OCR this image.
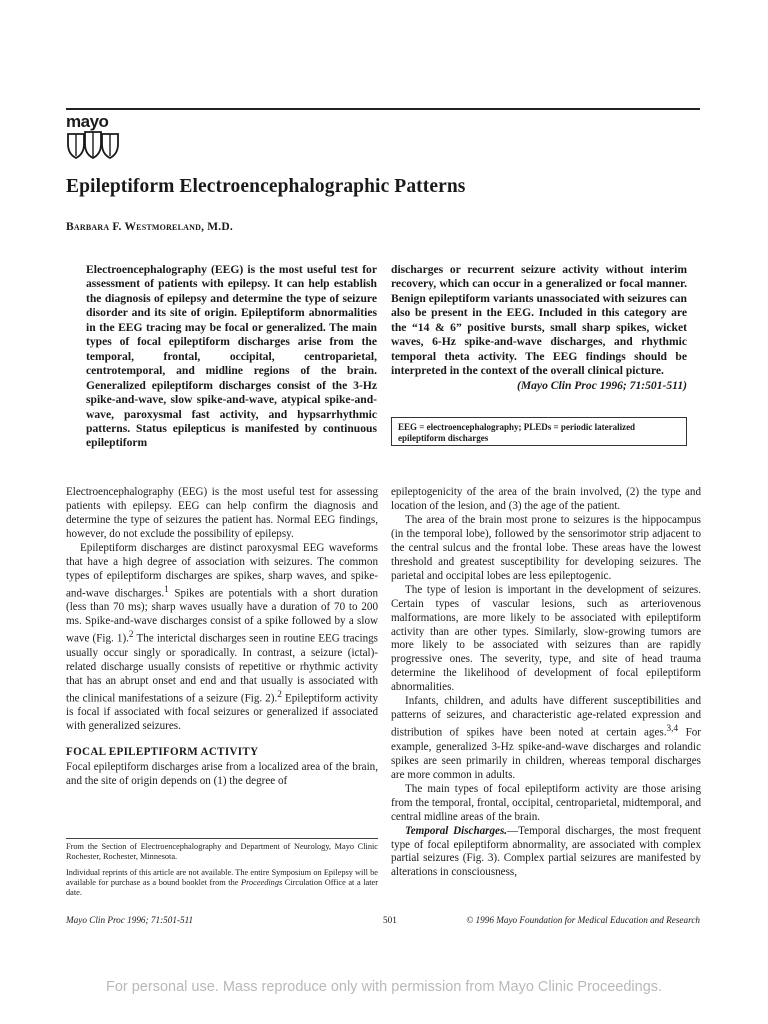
mayo
Epileptiform Electroencephalographic Patterns
Barbara F. Westmoreland, M.D.

Electroencephalography (EEG) is the most useful test for assessment of patients with epilepsy. It can help establish the diagnosis of epilepsy and determine the type of seizure disorder and its site of origin. Epileptiform abnormalities in the EEG tracing may be focal or generalized. The main types of focal epileptiform discharges arise from the temporal, frontal, occipital, centroparietal, centrotemporal, and midline regions of the brain. Generalized epileptiform discharges consist of the 3-Hz spike-and-wave, slow spike-and-wave, atypical spike-and-wave, paroxysmal fast activity, and hypsarrhythmic patterns. Status epilepticus is manifested by continuous epileptiform

discharges or recurrent seizure activity without interim recovery, which can occur in a generalized or focal manner. Benign epileptiform variants unassociated with seizures can also be present in the EEG. Included in this category are the “14 & 6” positive bursts, small sharp spikes, wicket waves, 6-Hz spike-and-wave discharges, and rhythmic temporal theta activity. The EEG findings should be interpreted in the context of the overall clinical picture.
(Mayo Clin Proc 1996; 71:501-511)
EEG = electroencephalography; PLEDs = periodic lateralized epileptiform discharges

Electroencephalography (EEG) is the most useful test for assessing patients with epilepsy. EEG can help confirm the diagnosis and determine the type of seizures the patient has. Normal EEG findings, however, do not exclude the possibility of epilepsy.

Epileptiform discharges are distinct paroxysmal EEG waveforms that have a high degree of association with seizures. The common types of epileptiform discharges are spikes, sharp waves, and spike-and-wave discharges.$^1$ Spikes are potentials with a short duration (less than 70 ms); sharp waves usually have a duration of 70 to 200 ms. Spike-and-wave discharges consist of a spike followed by a slow wave (Fig. 1).$^2$ The interictal discharges seen in routine EEG tracings usually occur singly or sporadically. In contrast, a seizure (ictal)-related discharge usually consists of repetitive or rhythmic activity that has an abrupt onset and end and that usually is associated with the clinical manifestations of a seizure (Fig. 2).$^2$ Epileptiform activity is focal if associated with focal seizures or generalized if associated with generalized seizures.

FOCAL EPILEPTIFORM ACTIVITY

Focal epileptiform discharges arise from a localized area of the brain, and the site of origin depends on (1) the degree of

From the Section of Electroencephalography and Department of Neurology, Mayo Clinic Rochester, Rochester, Minnesota.

Individual reprints of this article are not available. The entire Symposium on Epilepsy will be available for purchase as a bound booklet from the Proceedings Circulation Office at a later date.

epileptogenicity of the area of the brain involved, (2) the type and location of the lesion, and (3) the age of the patient.

The area of the brain most prone to seizures is the hippocampus (in the temporal lobe), followed by the sensorimotor strip adjacent to the central sulcus and the frontal lobe. These areas have the lowest threshold and greatest susceptibility for developing seizures. The parietal and occipital lobes are less epileptogenic.

The type of lesion is important in the development of seizures. Certain types of vascular lesions, such as arteriovenous malformations, are more likely to be associated with epileptiform activity than are other types. Similarly, slow-growing tumors are more likely to be associated with seizures than are rapidly progressive ones. The severity, type, and site of head trauma determine the likelihood of development of focal epileptiform abnormalities.

Infants, children, and adults have different susceptibilities and patterns of seizures, and characteristic age-related expression and distribution of spikes have been noted at certain ages.$^{3,4}$ For example, generalized 3-Hz spike-and-wave discharges and rolandic spikes are seen primarily in children, whereas temporal discharges are more common in adults.

The main types of focal epileptiform activity are those arising from the temporal, frontal, occipital, centroparietal, midtemporal, and central midline areas of the brain.

Temporal Discharges.—Temporal discharges, the most frequent type of focal epileptiform abnormality, are associated with complex partial seizures (Fig. 3). Complex partial seizures are manifested by alterations in consciousness,

Mayo Clin Proc 1996; 71:501-511	501	© 1996 Mayo Foundation for Medical Education and Research
For personal use. Mass reproduce only with permission from Mayo Clinic Proceedings.
